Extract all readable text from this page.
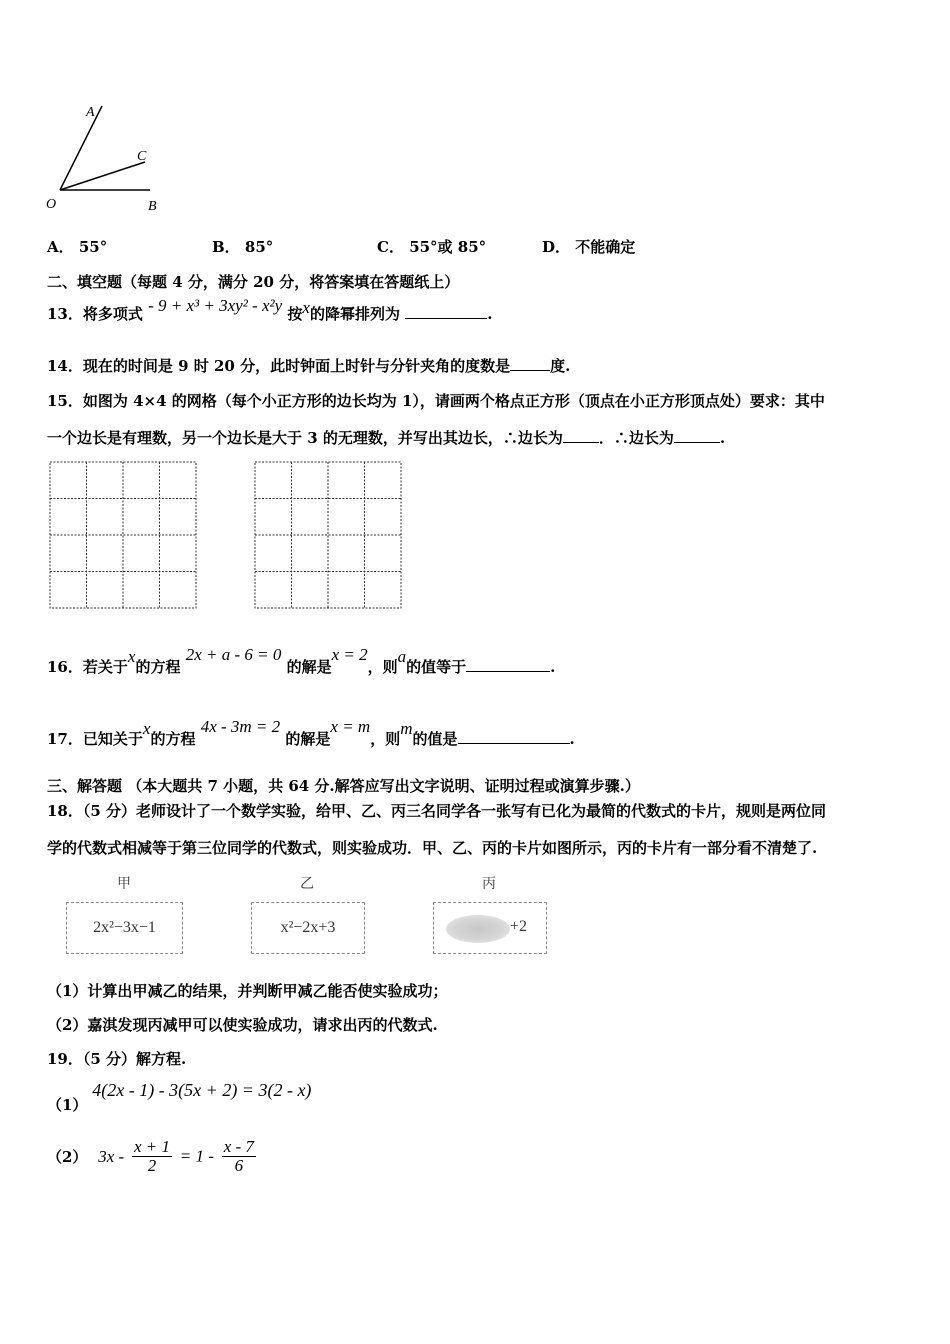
A
C
O	B
A． 55°	B． 85°	C． 55°或 85°	D． 不能确定
二、填空题（每题 4 分，满分 20 分，将答案填在答题纸上）
13．将多项式 - 9 + x³ + 3xy² - x²y 按x的降幂排列为	.
14．现在的时间是 9 时 20 分，此时钟面上时针与分针夹角的度数是	度.
15．如图为 4×4 的网格（每个小正方形的边长均为 1），请画两个格点正方形（顶点在小正方形顶点处）要求：其中
一个边长是有理数，另一个边长是大于 3 的无理数，并写出其边长，∴边长为 ．∴边长为	.
16．若关于x的方程 2x + a - 6 = 0 的解是x = 2，则a的值等于	.
17．已知关于x的方程 4x - 3m = 2 的解是x = m，则m的值是	.
三、解答题 （本大题共 7 小题，共 64 分.解答应写出文字说明、证明过程或演算步骤.）
18．（5 分）老师设计了一个数学实验，给甲、乙、丙三名同学各一张写有已化为最简的代数式的卡片，规则是两位同
学的代数式相减等于第三位同学的代数式，则实验成功．甲、乙、丙的卡片如图所示，丙的卡片有一部分看不清楚了.
甲
2x²−3x−1
乙
x²−2x+3
丙
+2
（1）计算出甲减乙的结果，并判断甲减乙能否使实验成功；
（2）嘉淇发现丙减甲可以使实验成功，请求出丙的代数式.
19．（5 分）解方程.
（1） 4(2x - 1) - 3(5x + 2) = 3(2 - x)
（2） $3x - \frac{x + 1}{2} = 1 - \frac{x - 7}{6}$
